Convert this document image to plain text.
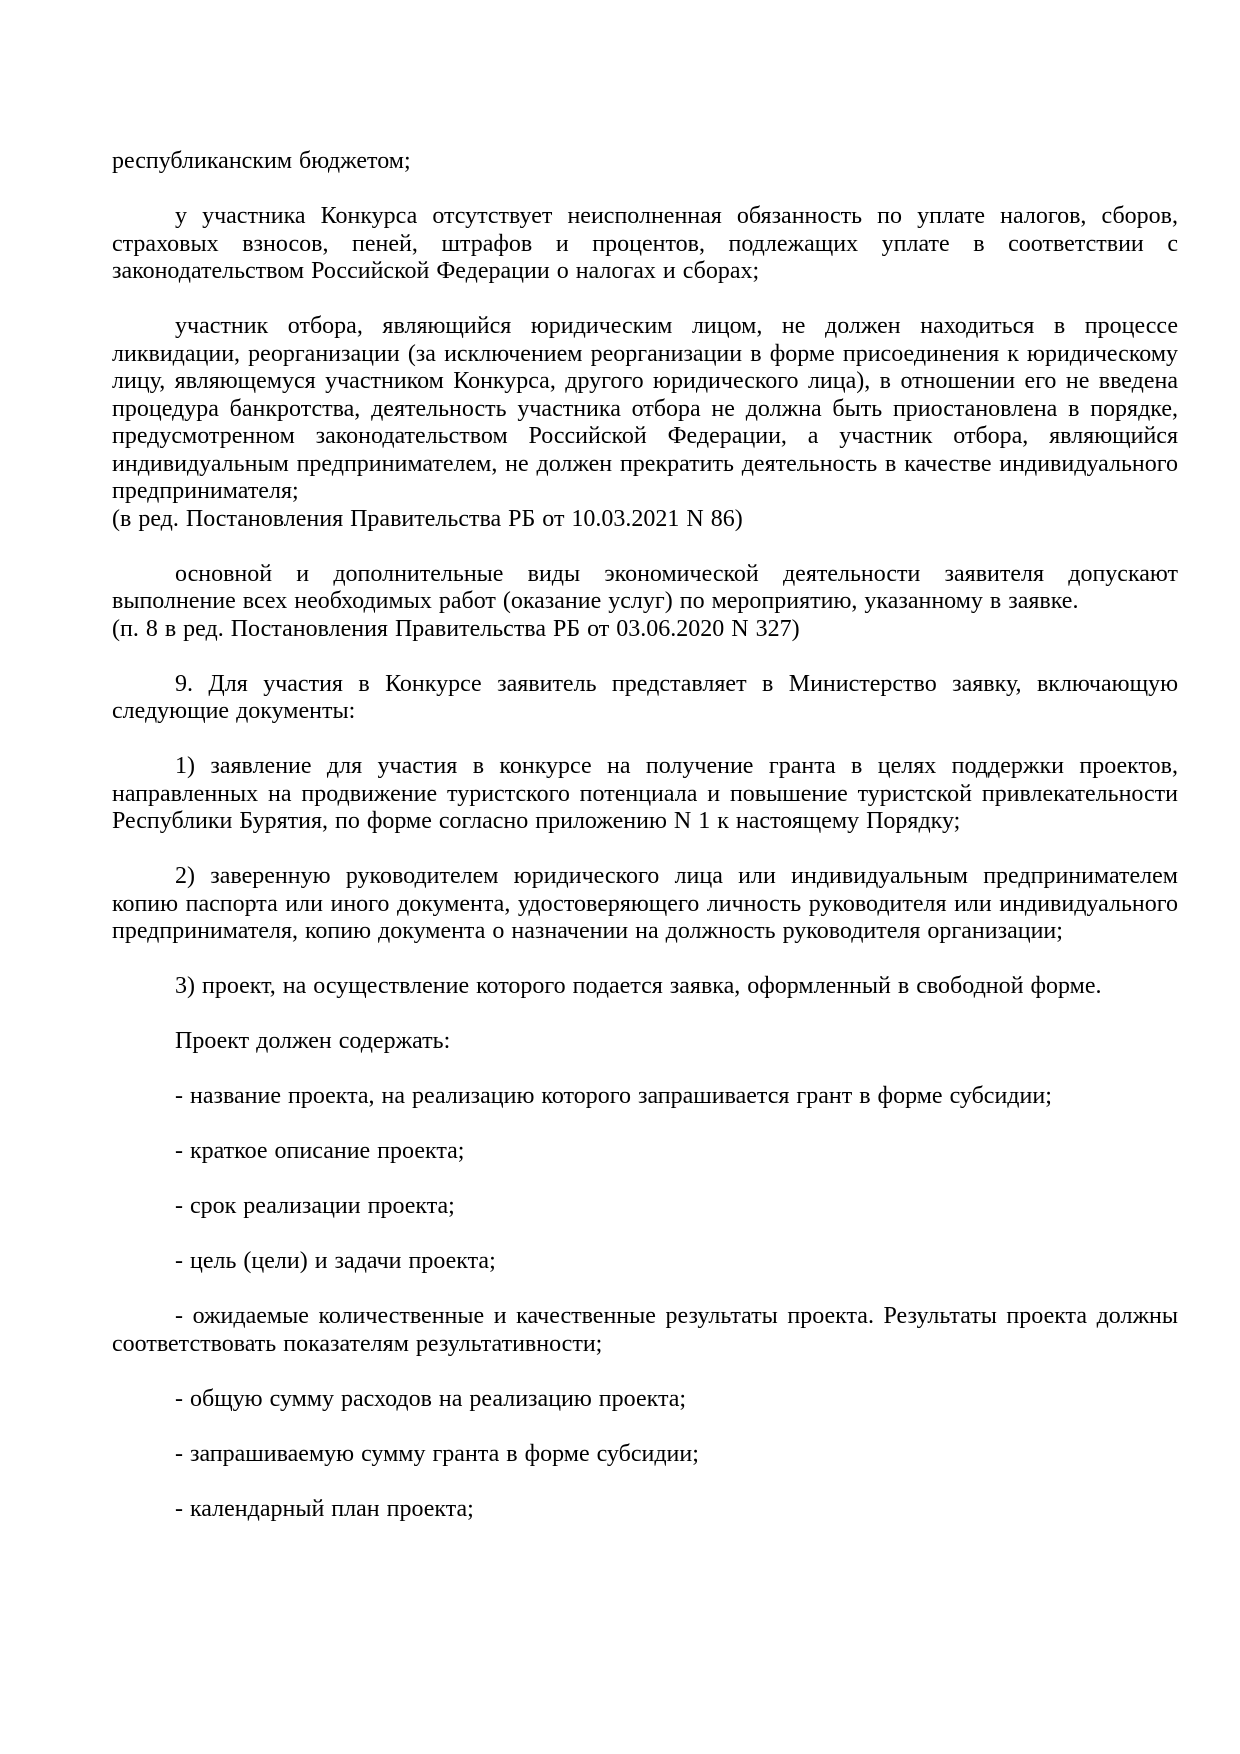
республиканским бюджетом;

у участника Конкурса отсутствует неисполненная обязанность по уплате налогов, сборов, страховых взносов, пеней, штрафов и процентов, подлежащих уплате в соответствии с законодательством Российской Федерации о налогах и сборах;

участник отбора, являющийся юридическим лицом, не должен находиться в процессе ликвидации, реорганизации (за исключением реорганизации в форме присоединения к юридическому лицу, являющемуся участником Конкурса, другого юридического лица), в отношении его не введена процедура банкротства, деятельность участника отбора не должна быть приостановлена в порядке, предусмотренном законодательством Российской Федерации, а участник отбора, являющийся индивидуальным предпринимателем, не должен прекратить деятельность в качестве индивидуального предпринимателя;

(в ред. Постановления Правительства РБ от 10.03.2021 N 86)

основной и дополнительные виды экономической деятельности заявителя допускают выполнение всех необходимых работ (оказание услуг) по мероприятию, указанному в заявке.

(п. 8 в ред. Постановления Правительства РБ от 03.06.2020 N 327)

9. Для участия в Конкурсе заявитель представляет в Министерство заявку, включающую следующие документы:

1) заявление для участия в конкурсе на получение гранта в целях поддержки проектов, направленных на продвижение туристского потенциала и повышение туристской привлекательности Республики Бурятия, по форме согласно приложению N 1 к настоящему Порядку;

2) заверенную руководителем юридического лица или индивидуальным предпринимателем копию паспорта или иного документа, удостоверяющего личность руководителя или индивидуального предпринимателя, копию документа о назначении на должность руководителя организации;

3) проект, на осуществление которого подается заявка, оформленный в свободной форме.

Проект должен содержать:

- название проекта, на реализацию которого запрашивается грант в форме субсидии;

- краткое описание проекта;

- срок реализации проекта;

- цель (цели) и задачи проекта;

- ожидаемые количественные и качественные результаты проекта. Результаты проекта должны соответствовать показателям результативности;

- общую сумму расходов на реализацию проекта;

- запрашиваемую сумму гранта в форме субсидии;

- календарный план проекта;
